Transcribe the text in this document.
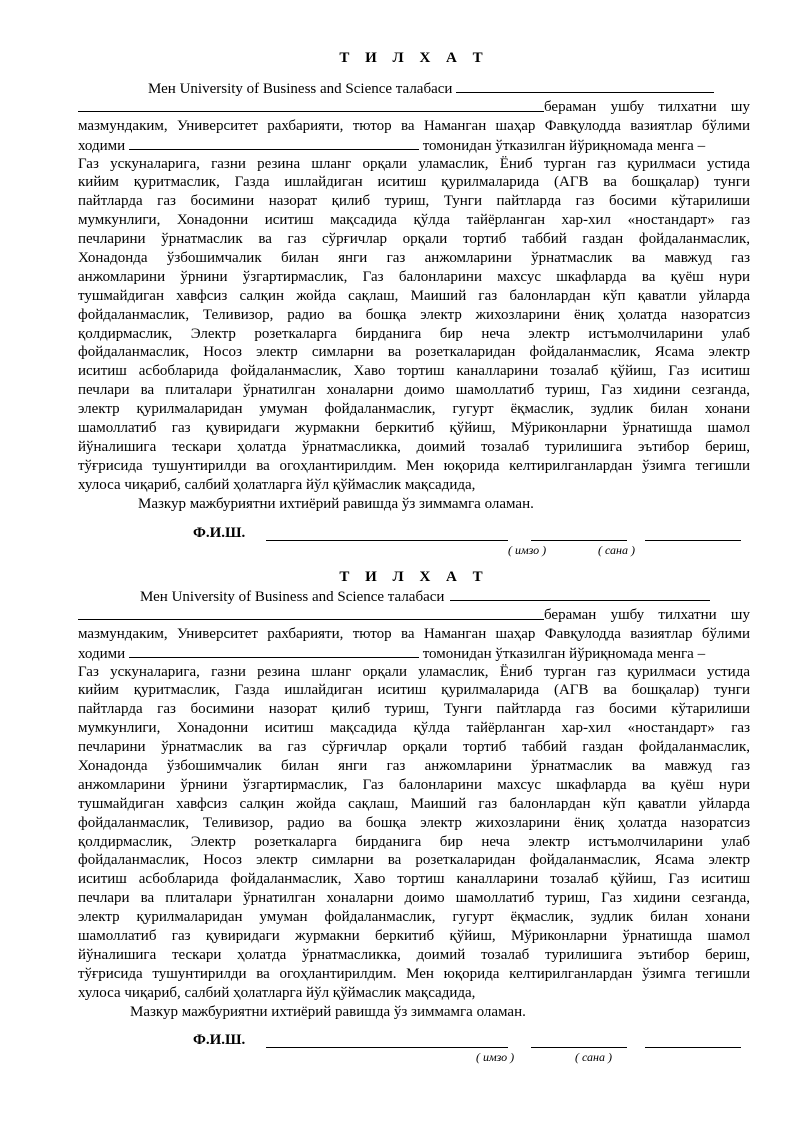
Т И Л Х А Т
Мен University of Business and Science талабаси
бераман ушбу тилхатни шу
мазмундаким, Университет рахбарияти, тютор ва Наманган шаҳар Фавқулодда вазиятлар бўлими
ходими	томонидан ўтказилган йўриқномада менга –
Газ ускуналарига, газни резина шланг орқали уламаслик, Ёниб турган газ қурилмаси устида
кийим қуритмаслик, Газда ишлайдиган иситиш қурилмаларида (АГВ ва бошқалар) тунги
пайтларда газ босимини назорат қилиб туриш, Тунги пайтларда газ босими кўтарилиши
мумкунлиги, Хонадонни иситиш мақсадида қўлда тайёрланган хар-хил «ностандарт» газ
печларини ўрнатмаслик ва газ сўрғичлар орқали тортиб таббий газдан фойдаланмаслик,
Хонадонда ўзбошимчалик билан янги газ анжомларини ўрнатмаслик ва мавжуд газ
анжомларини ўрнини ўзгартирмаслик, Газ балонларини махсус шкафларда ва қуёш нури
тушмайдиган хавфсиз салқин жойда сақлаш, Маиший газ балонлардан кўп қаватли уйларда
фойдаланмаслик, Теливизор, радио ва бошқа электр жихозларини ёниқ ҳолатда назоратсиз
қолдирмаслик, Электр розеткаларга бирданига бир неча электр истъмолчиларини улаб
фойдаланмаслик, Носоз электр симларни ва розеткаларидан фойдаланмаслик, Ясама электр
иситиш асбобларида фойдаланмаслик, Хаво тортиш каналларини тозалаб қўйиш, Газ иситиш
печлари ва плиталари ўрнатилган хоналарни доимо шамоллатиб туриш, Газ хидини сезганда,
электр қурилмаларидан умуман фойдаланмаслик, гугурт ёқмаслик, зудлик билан хонани
шамоллатиб газ қувиридаги журмакни беркитиб қўйиш, Мўриконларни ўрнатишда шамол
йўналишига тескари ҳолатда ўрнатмасликка, доимий тозалаб турилишига эътибор бериш,
тўғрисида тушунтирилди ва огоҳлантирилдим. Мен юқорида келтирилганлардан ўзимга тегишли
хулоса чиқариб, салбий ҳолатларга йўл қўймаслик мақсадида,
Мазкур мажбуриятни ихтиёрий равишда ўз зиммамга оламан.
Ф.И.Ш.
( имзо )	( сана )
Т И Л Х А Т
Мен University of Business and Science талабаси
бераман ушбу тилхатни шу
мазмундаким, Университет рахбарияти, тютор ва Наманган шаҳар Фавқулодда вазиятлар бўлими
ходими	томонидан ўтказилган йўриқномада менга –
Газ ускуналарига, газни резина шланг орқали уламаслик, Ёниб турган газ қурилмаси устида
кийим қуритмаслик, Газда ишлайдиган иситиш қурилмаларида (АГВ ва бошқалар) тунги
пайтларда газ босимини назорат қилиб туриш, Тунги пайтларда газ босими кўтарилиши
мумкунлиги, Хонадонни иситиш мақсадида қўлда тайёрланган хар-хил «ностандарт» газ
печларини ўрнатмаслик ва газ сўрғичлар орқали тортиб таббий газдан фойдаланмаслик,
Хонадонда ўзбошимчалик билан янги газ анжомларини ўрнатмаслик ва мавжуд газ
анжомларини ўрнини ўзгартирмаслик, Газ балонларини махсус шкафларда ва қуёш нури
тушмайдиган хавфсиз салқин жойда сақлаш, Маиший газ балонлардан кўп қаватли уйларда
фойдаланмаслик, Теливизор, радио ва бошқа электр жихозларини ёниқ ҳолатда назоратсиз
қолдирмаслик, Электр розеткаларга бирданига бир неча электр истъмолчиларини улаб
фойдаланмаслик, Носоз электр симларни ва розеткаларидан фойдаланмаслик, Ясама электр
иситиш асбобларида фойдаланмаслик, Хаво тортиш каналларини тозалаб қўйиш, Газ иситиш
печлари ва плиталари ўрнатилган хоналарни доимо шамоллатиб туриш, Газ хидини сезганда,
электр қурилмаларидан умуман фойдаланмаслик, гугурт ёқмаслик, зудлик билан хонани
шамоллатиб газ қувиридаги журмакни беркитиб қўйиш, Мўриконларни ўрнатишда шамол
йўналишига тескари ҳолатда ўрнатмасликка, доимий тозалаб турилишига эътибор бериш,
тўғрисида тушунтирилди ва огоҳлантирилдим. Мен юқорида келтирилганлардан ўзимга тегишли
хулоса чиқариб, салбий ҳолатларга йўл қўймаслик мақсадида,
Мазкур мажбуриятни ихтиёрий равишда ўз зиммамга оламан.
Ф.И.Ш.
( имзо )	( сана )
